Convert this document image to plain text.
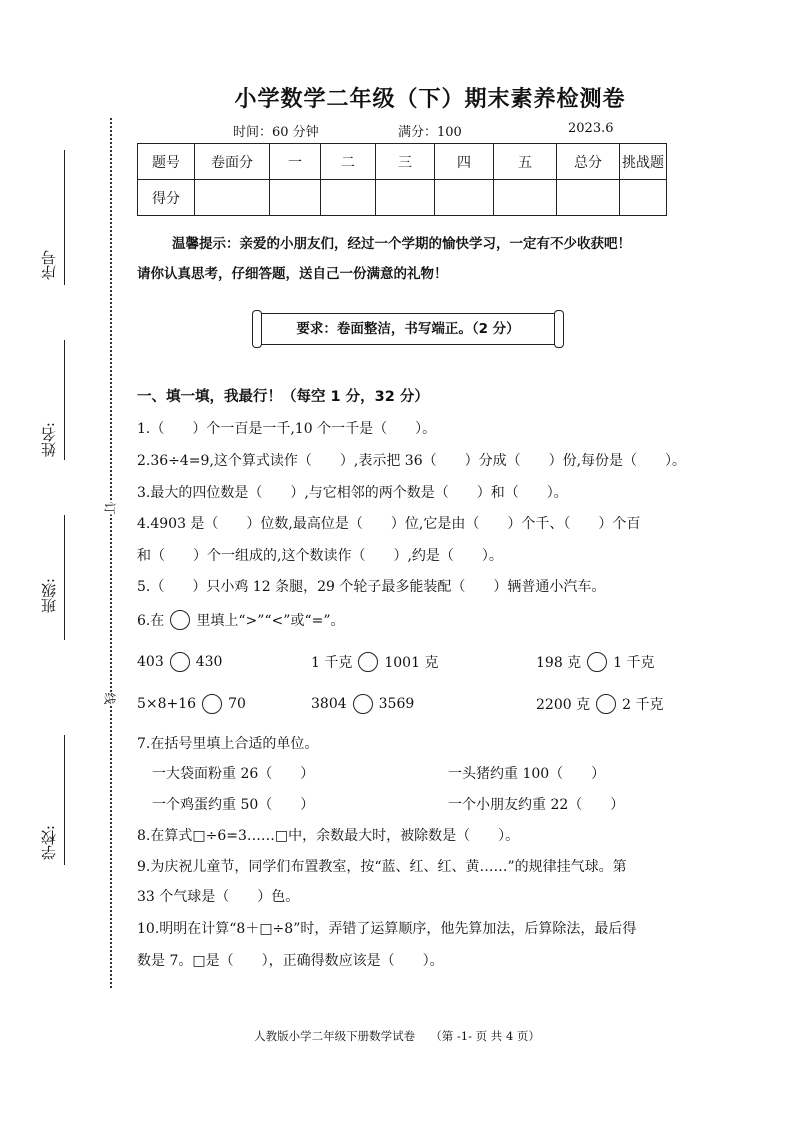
序号
姓名:
班级:
学校:
订
线
小学数学二年级（下）期末素养检测卷
时间：60 分钟	满分：100	2023.6
题号	卷面分	一	二	三	四	五	总分	挑战题
得分								
温馨提示：亲爱的小朋友们，经过一个学期的愉快学习，一定有不少收获吧！
请你认真思考，仔细答题，送自己一份满意的礼物！
要求：卷面整洁，书写端正。（2 分）
一、填一填，我最行！（每空 1 分，32 分）
1.（　　）个一百是一千,10 个一千是（　　）。
2.36÷4=9,这个算式读作（　　）,表示把 36（　　）分成（　　）份,每份是（　　）。
3.最大的四位数是（　　）,与它相邻的两个数是（　　）和（　　）。
4.4903 是（　　）位数,最高位是（　　）位,它是由（　　）个千、（　　）个百
和（　　）个一组成的,这个数读作（　　）,约是（　　）。
5.（　　）只小鸡 12 条腿，29 个轮子最多能装配（　　）辆普通小汽车。
6.在 里填上“>”“<”或“=”。
403 430	1 千克 1001 克	198 克 1 千克
5×8+16 70	3804 3569	2200 克 2 千克
7.在括号里填上合适的单位。
一大袋面粉重 26（　　）	一头猪约重 100（　　）
一个鸡蛋约重 50（　　）	一个小朋友约重 22（　　）
8.在算式□÷6=3……□中，余数最大时，被除数是（　　）。
9.为庆祝儿童节，同学们布置教室，按“蓝、红、红、黄……”的规律挂气球。第
33 个气球是（　　）色。
10.明明在计算“8＋□÷8”时，弄错了运算顺序，他先算加法，后算除法，最后得
数是 7。□是（　　），正确得数应该是（　　）。
人教版小学二年级下册数学试卷　 （第 -1- 页 共 4 页）
